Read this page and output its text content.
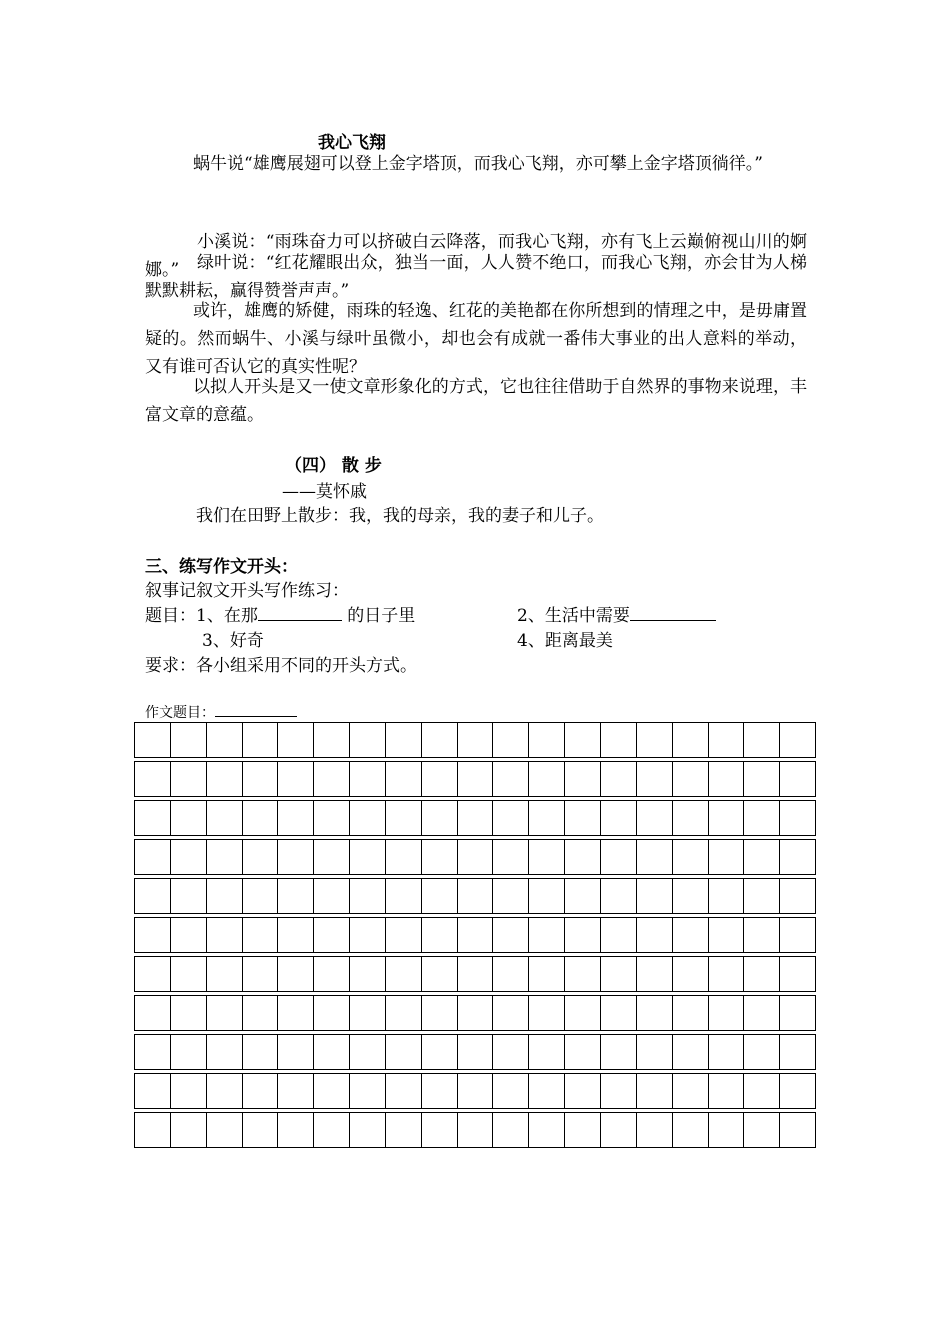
我心飞翔
蜗牛说“雄鹰展翅可以登上金字塔顶，而我心飞翔，亦可攀上金字塔顶徜徉。”
小溪说：“雨珠奋力可以挤破白云降落，而我心飞翔，亦有飞上云巅俯视山川的婀娜。”	绿叶说：“红花耀眼出众，独当一面，人人赞不绝口，而我心飞翔，亦会甘为人梯默默耕耘，赢得赞誉声声。”
或许，雄鹰的矫健，雨珠的轻逸、红花的美艳都在你所想到的情理之中，是毋庸置疑的。然而蜗牛、小溪与绿叶虽微小，却也会有成就一番伟大事业的出人意料的举动，又有谁可否认它的真实性呢？
以拟人开头是又一使文章形象化的方式，它也往往借助于自然界的事物来说理，丰富文章的意蕴。
（四） 散 步
——莫怀戚
我们在田野上散步：我，我的母亲，我的妻子和儿子。
三、练写作文开头：
叙事记叙文开头写作练习：
题目：1、在那	的日子里	2、生活中需要
3、好奇	4、距离最美
要求：各小组采用不同的开头方式。
作文题目：
